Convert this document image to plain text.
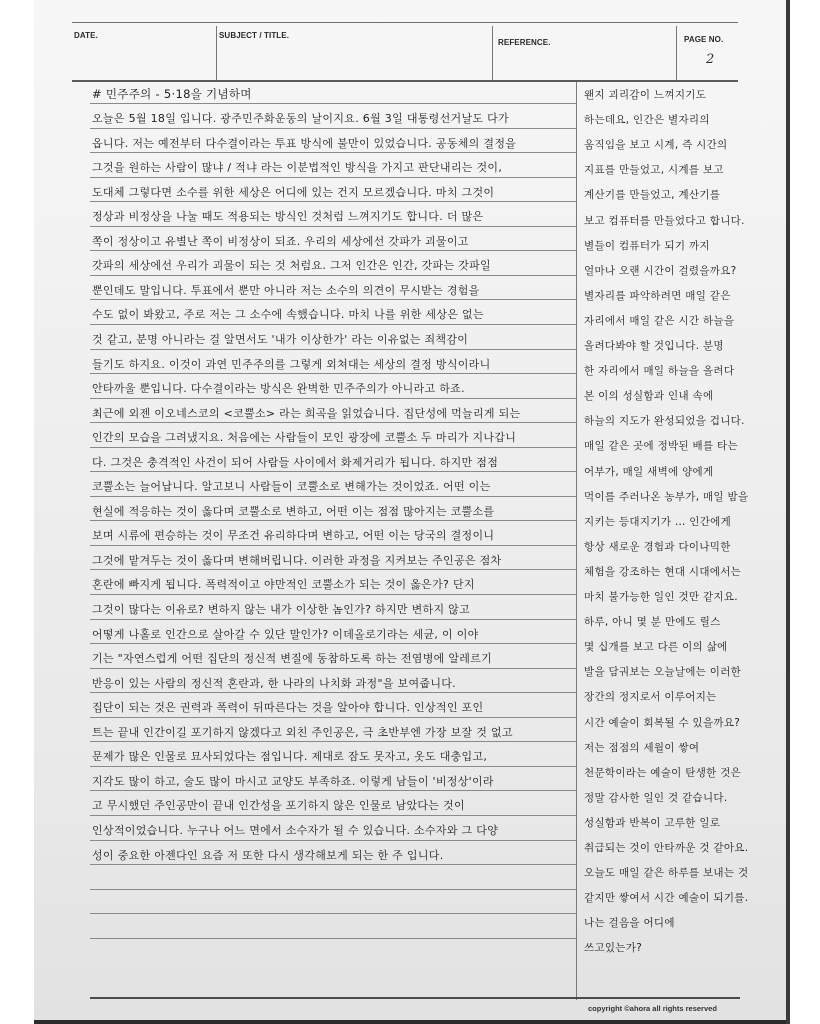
DATE.	SUBJECT / TITLE.
REFERENCE.	PAGE NO.
2
# 민주주의 - 5·18을 기념하며
오늘은 5월 18일 입니다. 광주민주화운동의 날이지요. 6월 3일 대통령선거날도 다가
옵니다. 저는 예전부터 다수결이라는 투표 방식에 불만이 있었습니다. 공동체의 결정을
그것을 원하는 사람이 많냐 / 적냐 라는 이분법적인 방식을 가지고 판단내리는 것이,
도대체 그렇다면 소수를 위한 세상은 어디에 있는 건지 모르겠습니다. 마치 그것이
정상과 비정상을 나눌 때도 적용되는 방식인 것처럼 느껴지기도 합니다. 더 많은
쪽이 정상이고 유별난 쪽이 비정상이 되죠. 우리의 세상에선 갓파가 괴물이고
갓파의 세상에선 우리가 괴물이 되는 것 처럼요. 그저 인간은 인간, 갓파는 갓파일
뿐인데도 말입니다. 투표에서 뿐만 아니라 저는 소수의 의견이 무시받는 경험을
수도 없이 봐왔고, 주로 저는 그 소수에 속했습니다. 마치 나를 위한 세상은 없는
것 같고, 분명 아니라는 걸 알면서도 '내가 이상한가' 라는 이유없는 죄책감이
들기도 하지요. 이것이 과연 민주주의를 그렇게 외쳐대는 세상의 결정 방식이라니
안타까울 뿐입니다. 다수결이라는 방식은 완벽한 민주주의가 아니라고 하죠.
최근에 외젠 이오네스코의 <코뿔소> 라는 희곡을 읽었습니다. 집단성에 먹늘리게 되는
인간의 모습을 그려냈지요. 처음에는 사람들이 모인 광장에 코뿔소 두 마리가 지나갑니
다. 그것은 충격적인 사건이 되어 사람들 사이에서 화제거리가 됩니다. 하지만 점점
코뿔소는 늘어납니다. 알고보니 사람들이 코뿔소로 변해가는 것이었죠. 어떤 이는
현실에 적응하는 것이 옳다며 코뿔소로 변하고, 어떤 이는 점점 많아지는 코뿔소를
보며 시류에 편승하는 것이 무조건 유리하다며 변하고, 어떤 이는 당국의 결정이니
그것에 맡겨두는 것이 옳다며 변해버립니다. 이러한 과정을 지켜보는 주인공은 점차
혼란에 빠지게 됩니다. 폭력적이고 야만적인 코뿔소가 되는 것이 옳은가? 단지
그것이 많다는 이유로? 변하지 않는 내가 이상한 놈인가? 하지만 변하지 않고
어떻게 나홀로 인간으로 살아갈 수 있단 말인가? 이데올로기라는 세균, 이 이야
기는 "자연스럽게 어떤 집단의 정신적 변질에 동참하도록 하는 전염병에 알레르기
반응이 있는 사람의 정신적 혼란과, 한 나라의 나치화 과정"을 보여줍니다.
집단이 되는 것은 권력과 폭력이 뒤따른다는 것을 알아야 합니다. 인상적인 포인
트는 끝내 인간이길 포기하지 않겠다고 외친 주인공은, 극 초반부엔 가장 보잘 것 없고
문제가 많은 인물로 묘사되었다는 점입니다. 제대로 잠도 못자고, 옷도 대충입고,
지각도 많이 하고, 술도 많이 마시고 교양도 부족하죠. 이렇게 남들이 '비정상'이라
고 무시했던 주인공만이 끝내 인간성을 포기하지 않은 인물로 남았다는 것이
인상적이었습니다. 누구나 어느 면에서 소수자가 될 수 있습니다. 소수자와 그 다양
성이 중요한 아젠다인 요즘 저 또한 다시 생각해보게 되는 한 주 입니다.
왠지 괴리감이 느껴지기도
하는데요, 인간은 별자리의
움직임을 보고 시계, 즉 시간의
지표를 만들었고, 시계를 보고
계산기를 만들었고, 계산기를
보고 컴퓨터를 만들었다고 합니다.
별들이 컴퓨터가 되기 까지
얼마나 오랜 시간이 걸렸을까요?
별자리를 파악하려면 매일 같은
자리에서 매일 같은 시간 하늘을
올려다봐야 할 것입니다. 분명
한 자리에서 매일 하늘을 올려다
본 이의 성실함과 인내 속에
하늘의 지도가 완성되었을 겁니다.
매일 같은 곳에 정박된 배를 타는
어부가, 매일 새벽에 양에게
먹이를 주러나온 농부가, 매일 밤을
지키는 등대지기가 … 인간에게
항상 새로운 경험과 다이나믹한
체험을 강조하는 현대 시대에서는
마치 불가능한 일인 것만 같지요.
하루, 아니 몇 분 만에도 릴스
몇 십개를 보고 다른 이의 삶에
발을 담궈보는 오늘날에는 이러한
장간의 정지로서 이루어지는
시간 예술이 회복될 수 있을까요?
저는 점점의 세월이 쌓여
천문학이라는 예술이 탄생한 것은
정말 감사한 일인 것 같습니다.
성실함과 반복이 고루한 일로
취급되는 것이 안타까운 것 같아요.
오늘도 매일 같은 하루를 보내는 것
같지만 쌓여서 시간 예술이 되기를.
나는 걸음을 어디에
쓰고있는가?
copyright ©ahora all rights reserved
